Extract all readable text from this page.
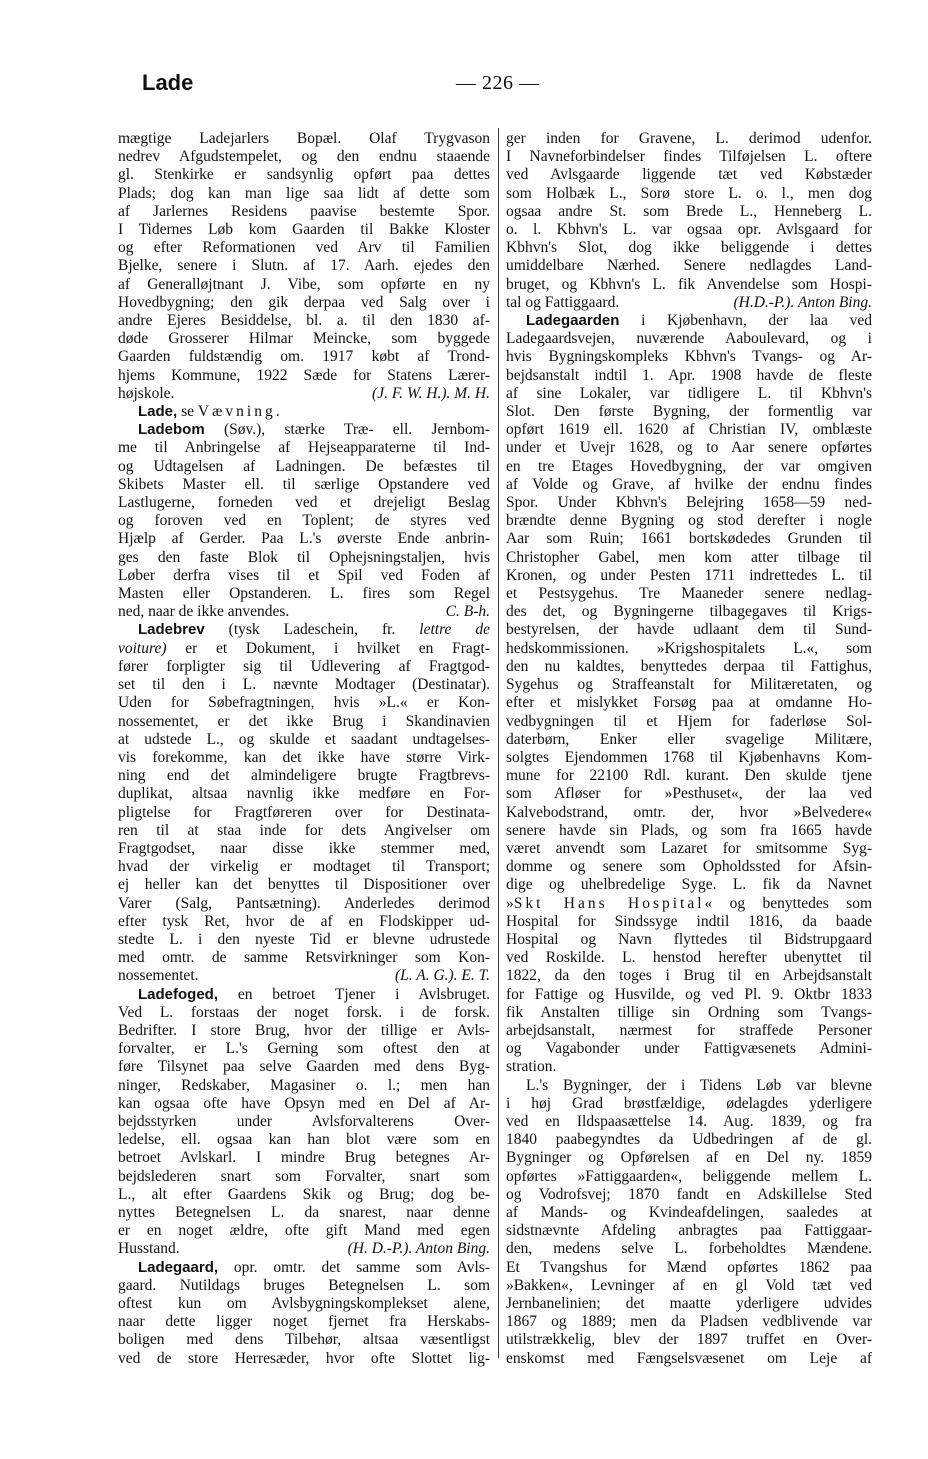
Lade	— 226 —
mægtige Ladejarlers Bopæl. Olaf Trygvason
nedrev Afgudstempelet, og den endnu staaende
gl. Stenkirke er sandsynlig opført paa dettes
Plads; dog kan man lige saa lidt af dette som
af Jarlernes Residens paavise bestemte Spor.
I Tidernes Løb kom Gaarden til Bakke Kloster
og efter Reformationen ved Arv til Familien
Bjelke, senere i Slutn. af 17. Aarh. ejedes den
af Generalløjtnant J. Vibe, som opførte en ny
Hovedbygning; den gik derpaa ved Salg over i
andre Ejeres Besiddelse, bl. a. til den 1830 af-
døde Grosserer Hilmar Meincke, som byggede
Gaarden fuldstændig om. 1917 købt af Trond-
hjems Kommune, 1922 Sæde for Statens Lærer-
højskole.	(J. F. W. H.). M. H.
Lade, se Vævning.
Ladebom (Søv.), stærke Træ- ell. Jernbom-
me til Anbringelse af Hejseapparaterne til Ind-
og Udtagelsen af Ladningen. De befæstes til
Skibets Master ell. til særlige Opstandere ved
Lastlugerne, forneden ved et drejeligt Beslag
og foroven ved en Toplent; de styres ved
Hjælp af Gerder. Paa L.'s øverste Ende anbrin-
ges den faste Blok til Ophejsningstaljen, hvis
Løber derfra vises til et Spil ved Foden af
Masten eller Opstanderen. L. fires som Regel
ned, naar de ikke anvendes.	C. B-h.
Ladebrev (tysk Ladeschein, fr. lettre de
voiture) er et Dokument, i hvilket en Fragt-
fører forpligter sig til Udlevering af Fragtgod-
set til den i L. nævnte Modtager (Destinatar).
Uden for Søbefragtningen, hvis »L.« er Kon-
nossementet, er det ikke Brug i Skandinavien
at udstede L., og skulde et saadant undtagelses-
vis forekomme, kan det ikke have større Virk-
ning end det almindeligere brugte Fragtbrevs-
duplikat, altsaa navnlig ikke medføre en For-
pligtelse for Fragtføreren over for Destinata-
ren til at staa inde for dets Angivelser om
Fragtgodset, naar disse ikke stemmer med,
hvad der virkelig er modtaget til Transport;
ej heller kan det benyttes til Dispositioner over
Varer (Salg, Pantsætning). Anderledes derimod
efter tysk Ret, hvor de af en Flodskipper ud-
stedte L. i den nyeste Tid er blevne udrustede
med omtr. de samme Retsvirkninger som Kon-
nossementet.	(L. A. G.). E. T.
Ladefoged, en betroet Tjener i Avlsbruget.
Ved L. forstaas der noget forsk. i de forsk.
Bedrifter. I store Brug, hvor der tillige er Avls-
forvalter, er L.'s Gerning som oftest den at
føre Tilsynet paa selve Gaarden med dens Byg-
ninger, Redskaber, Magasiner o. l.; men han
kan ogsaa ofte have Opsyn med en Del af Ar-
bejdsstyrken under Avlsforvalterens Over-
ledelse, ell. ogsaa kan han blot være som en
betroet Avlskarl. I mindre Brug betegnes Ar-
bejdslederen snart som Forvalter, snart som
L., alt efter Gaardens Skik og Brug; dog be-
nyttes Betegnelsen L. da snarest, naar denne
er en noget ældre, ofte gift Mand med egen
Husstand.	(H. D.-P.). Anton Bing.
Ladegaard, opr. omtr. det samme som Avls-
gaard. Nutildags bruges Betegnelsen L. som
oftest kun om Avlsbygningskomplekset alene,
naar dette ligger noget fjernet fra Herskabs-
boligen med dens Tilbehør, altsaa væsentligst
ved de store Herresæder, hvor ofte Slottet lig-
ger inden for Gravene, L. derimod udenfor.
I Navneforbindelser findes Tilføjelsen L. oftere
ved Avlsgaarde liggende tæt ved Købstæder
som Holbæk L., Sorø store L. o. l., men dog
ogsaa andre St. som Brede L., Henneberg L.
o. l. Kbhvn's L. var ogsaa opr. Avlsgaard for
Kbhvn's Slot, dog ikke beliggende i dettes
umiddelbare Nærhed. Senere nedlagdes Land-
bruget, og Kbhvn's L. fik Anvendelse som Hospi-
tal og Fattiggaard.	(H.D.-P.). Anton Bing.
Ladegaarden i Kjøbenhavn, der laa ved
Ladegaardsvejen, nuværende Aaboulevard, og i
hvis Bygningskompleks Kbhvn's Tvangs- og Ar-
bejdsanstalt indtil 1. Apr. 1908 havde de fleste
af sine Lokaler, var tidligere L. til Kbhvn's
Slot. Den første Bygning, der formentlig var
opført 1619 ell. 1620 af Christian IV, omblæste
under et Uvejr 1628, og to Aar senere opførtes
en tre Etages Hovedbygning, der var omgiven
af Volde og Grave, af hvilke der endnu findes
Spor. Under Kbhvn's Belejring 1658—59 ned-
brændte denne Bygning og stod derefter i nogle
Aar som Ruin; 1661 bortskødedes Grunden til
Christopher Gabel, men kom atter tilbage til
Kronen, og under Pesten 1711 indrettedes L. til
et Pestsygehus. Tre Maaneder senere nedlag-
des det, og Bygningerne tilbagegaves til Krigs-
bestyrelsen, der havde udlaant dem til Sund-
hedskommissionen. »Krigshospitalets L.«, som
den nu kaldtes, benyttedes derpaa til Fattighus,
Sygehus og Straffeanstalt for Militæretaten, og
efter et mislykket Forsøg paa at omdanne Ho-
vedbygningen til et Hjem for faderløse Sol-
daterbørn, Enker eller svagelige Militære,
solgtes Ejendommen 1768 til Kjøbenhavns Kom-
mune for 22100 Rdl. kurant. Den skulde tjene
som Afløser for »Pesthuset«, der laa ved
Kalvebodstrand, omtr. der, hvor »Belvedere«
senere havde sin Plads, og som fra 1665 havde
været anvendt som Lazaret for smitsomme Syg-
domme og senere som Opholdssted for Afsin-
dige og uhelbredelige Syge. L. fik da Navnet
»Skt Hans Hospital« og benyttedes som
Hospital for Sindssyge indtil 1816, da baade
Hospital og Navn flyttedes til Bidstrupgaard
ved Roskilde. L. henstod herefter ubenyttet til
1822, da den toges i Brug til en Arbejdsanstalt
for Fattige og Husvilde, og ved Pl. 9. Oktbr 1833
fik Anstalten tillige sin Ordning som Tvangs-
arbejdsanstalt, nærmest for straffede Personer
og Vagabonder under Fattigvæsenets Admini-
stration.
L.'s Bygninger, der i Tidens Løb var blevne
i høj Grad brøstfældige, ødelagdes yderligere
ved en Ildspaasættelse 14. Aug. 1839, og fra
1840 paabegyndtes da Udbedringen af de gl.
Bygninger og Opførelsen af en Del ny. 1859
opførtes »Fattiggaarden«, beliggende mellem L.
og Vodrofsvej; 1870 fandt en Adskillelse Sted
af Mands- og Kvindeafdelingen, saaledes at
sidstnævnte Afdeling anbragtes paa Fattiggaar-
den, medens selve L. forbeholdtes Mændene.
Et Tvangshus for Mænd opførtes 1862 paa
»Bakken«, Levninger af en gl Vold tæt ved
Jernbanelinien; det maatte yderligere udvides
1867 og 1889; men da Pladsen vedblivende var
utilstrækkelig, blev der 1897 truffet en Over-
enskomst med Fængselsvæsenet om Leje af
